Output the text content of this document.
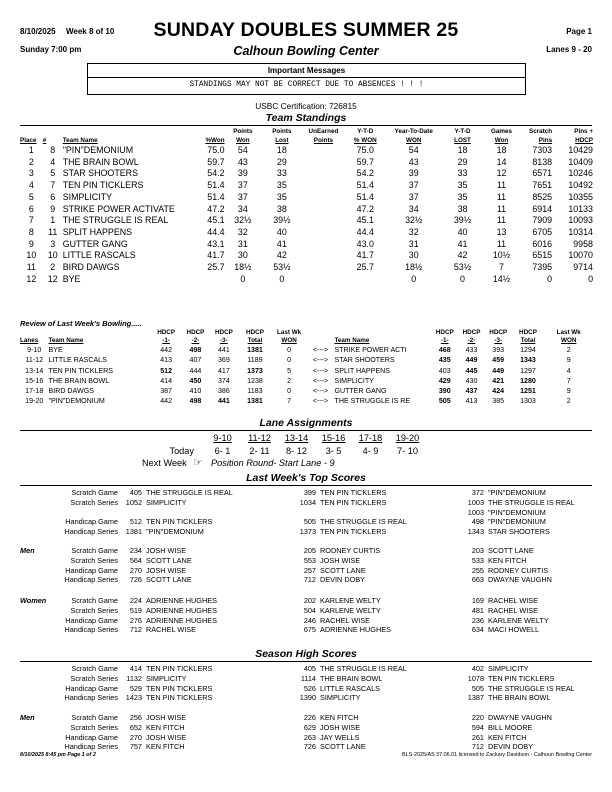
8/10/2025 Week 8 of 10	SUNDAY DOUBLES SUMMER 25	Page 1
Sunday 7:00 pm	Calhoun Bowling Center	Lanes 9 - 20
Important Messages
STANDINGS MAY NOT BE CORRECT DUE TO ABSENCES ! ! !
USBC Certification: 726815
Team Standings
				Points	Points	UnEarned	Y-T-D	Year-To-Date	Y-T-D	Games	Scratch	Pins +
Place	#	Team Name	%Won	Won	Lost	Points	% WON	WON	LOST	Won	Pins	HDCP
1	8	"PIN"DEMONIUM	75.0	54	18		75.0	54	18	18	7303	10429
2	4	THE BRAIN BOWL	59.7	43	29		59.7	43	29	14	8138	10409
3	5	STAR SHOOTERS	54.2	39	33		54.2	39	33	12	6571	10246
4	7	TEN PIN TICKLERS	51.4	37	35		51.4	37	35	11	7651	10492
5	6	SIMPLICITY	51.4	37	35		51.4	37	35	11	8525	10355
6	9	STRIKE POWER ACTIVATE	47.2	34	38		47.2	34	38	11	6914	10133
7	1	THE STRUGGLE IS REAL	45.1	32½	39½		45.1	32½	39½	11	7909	10093
8	11	SPLIT HAPPENS	44.4	32	40		44.4	32	40	13	6705	10314
9	3	GUTTER GANG	43.1	31	41		43.0	31	41	11	6016	9958
10	10	LITTLE RASCALS	41.7	30	42		41.7	30	42	10½	6515	10070
11	2	BIRD DAWGS	25.7	18½	53½		25.7	18½	53½	7	7395	9714
12	12	BYE		0	0			0	0	14½	0	0
Review of Last Week's Bowling.....
		HDCP	HDCP	HDCP	HDCP	Last Wk			HDCP	HDCP	HDCP	HDCP	Last Wk
Lanes	Team Name	-1-	-2-	-3-	Total	WON		Team Name	-1-	-2-	-3-	Total	WON
9-10	BYE	442	498	441	1381	0	<--->	STRIKE POWER ACTI	468	433	393	1294	2
11-12	LITTLE RASCALS	413	407	369	1189	0	<--->	STAR SHOOTERS	435	449	459	1343	9
13-14	TEN PIN TICKLERS	512	444	417	1373	5	<--->	SPLIT HAPPENS	403	445	449	1297	4
15-16	THE BRAIN BOWL	414	450	374	1238	2	<--->	SIMPLICITY	429	430	421	1280	7
17-18	BIRD DAWGS	387	410	386	1183	0	<--->	GUTTER GANG	390	437	424	1251	9
19-20	"PIN"DEMONIUM	442	498	441	1381	7	<--->	THE STRUGGLE IS RE	505	413	385	1303	2
Lane Assignments
	9-10	11-12	13-14	15-16	17-18	19-20
Today	6- 1	2- 11	8- 12	3- 5	4- 9	7- 10
Next Week ☞ Position Round- Start Lane - 9
Last Week's Top Scores
Scratch Game	405		THE STRUGGLE IS REAL	399		TEN PIN TICKLERS	372		"PIN"DEMONIUM
Scratch Series	1052		SIMPLICITY	1034		TEN PIN TICKLERS	1003		THE STRUGGLE IS REAL
							1003		"PIN"DEMONIUM
Handicap Game	512		TEN PIN TICKLERS	505		THE STRUGGLE IS REAL	498		"PIN"DEMONIUM
Handicap Series	1381		"PIN"DEMONIUM	1373		TEN PIN TICKLERS	1343		STAR SHOOTERS
Men	Scratch Game	234		JOSH WISE	205		RODNEY CURTIS	203		SCOTT LANE
Scratch Series	564		SCOTT LANE	553		JOSH WISE	533		KEN FITCH
Handicap Game	270		JOSH WISE	257		SCOTT LANE	255		RODNEY CURTIS
Handicap Series	726		SCOTT LANE	712		DEVIN DOBY	663		DWAYNE VAUGHN
Women	Scratch Game	224		ADRIENNE HUGHES	202		KARLENE WELTY	169		RACHEL WISE
Scratch Series	519		ADRIENNE HUGHES	504		KARLENE WELTY	481		RACHEL WISE
Handicap Game	276		ADRIENNE HUGHES	246		RACHEL WISE	236		KARLENE WELTY
Handicap Series	712		RACHEL WISE	675		ADRIENNE HUGHES	634		MACI HOWELL
Season High Scores
Scratch Game	414		TEN PIN TICKLERS	405		THE STRUGGLE IS REAL	402		SIMPLICITY
Scratch Series	1132		SIMPLICITY	1114		THE BRAIN BOWL	1078		TEN PIN TICKLERS
Handicap Game	529		TEN PIN TICKLERS	526		LITTLE RASCALS	505		THE STRUGGLE IS REAL
Handicap Series	1423		TEN PIN TICKLERS	1390		SIMPLICITY	1387		THE BRAIN BOWL
Men	Scratch Game	256		JOSH WISE	226		KEN FITCH	220		DWAYNE VAUGHN
Scratch Series	652		KEN FITCH	629		JOSH WISE	594		BILL MOORE
Handicap Game	270		JOSH WISE	263		JAY WELLS	261		KEN FITCH
Handicap Series	757		KEN FITCH	726		SCOTT LANE	712		DEVIN DOBY
8/10/2025 8:45 pm Page 1 of 2	BLS-2025/AS 37.06.01 licensed to Zackary Davidson - Calhoun Bowling Center
